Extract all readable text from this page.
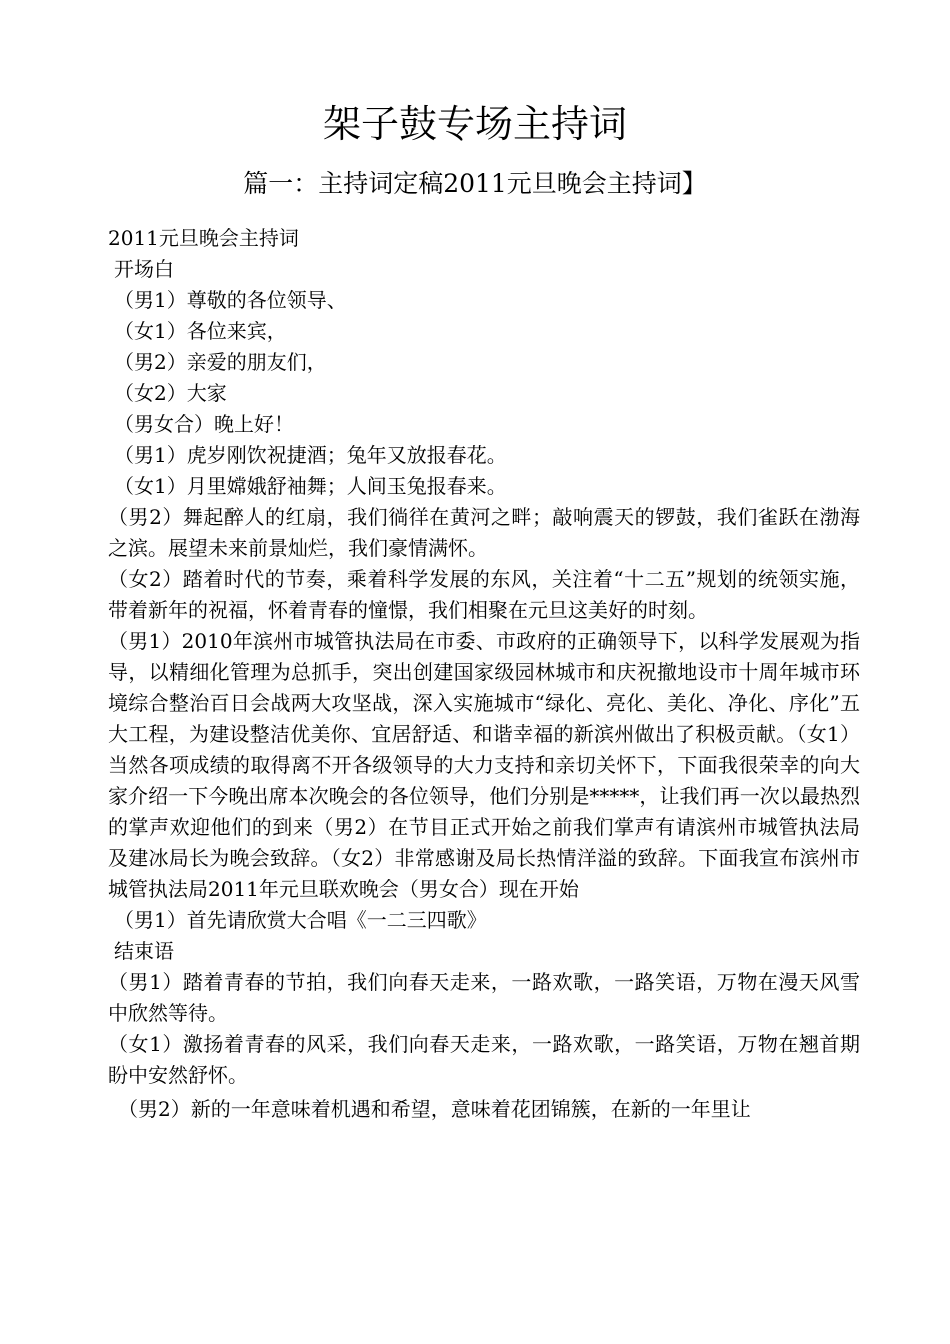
架子鼓专场主持词
篇一：主持词定稿2011元旦晚会主持词】

2011元旦晚会主持词

开场白

（男1）尊敬的各位领导、

（女1）各位来宾，

（男2）亲爱的朋友们，

（女2）大家

（男女合）晚上好！

（男1）虎岁刚饮祝捷酒；兔年又放报春花。

（女1）月里嫦娥舒袖舞；人间玉兔报春来。

（男2）舞起醉人的红扇，我们徜徉在黄河之畔；敲响震天的锣鼓，我们雀跃在渤海之滨。展望未来前景灿烂，我们豪情满怀。

（女2）踏着时代的节奏，乘着科学发展的东风，关注着“十二五”规划的统领实施，带着新年的祝福，怀着青春的憧憬，我们相聚在元旦这美好的时刻。

（男1）2010年滨州市城管执法局在市委、市政府的正确领导下，以科学发展观为指导，以精细化管理为总抓手，突出创建国家级园林城市和庆祝撤地设市十周年城市环境综合整治百日会战两大攻坚战，深入实施城市“绿化、亮化、美化、净化、序化”五大工程，为建设整洁优美你、宜居舒适、和谐幸福的新滨州做出了积极贡献。（女1）当然各项成绩的取得离不开各级领导的大力支持和亲切关怀下，下面我很荣幸的向大家介绍一下今晚出席本次晚会的各位领导，他们分别是*****，让我们再一次以最热烈的掌声欢迎他们的到来（男2）在节目正式开始之前我们掌声有请滨州市城管执法局及建冰局长为晚会致辞。（女2）非常感谢及局长热情洋溢的致辞。下面我宣布滨州市城管执法局2011年元旦联欢晚会（男女合）现在开始

（男1）首先请欣赏大合唱《一二三四歌》

结束语

（男1）踏着青春的节拍，我们向春天走来，一路欢歌，一路笑语，万物在漫天风雪中欣然等待。

（女1）激扬着青春的风采，我们向春天走来，一路欢歌，一路笑语，万物在翘首期盼中安然舒怀。

（男2）新的一年意味着机遇和希望，意味着花团锦簇，在新的一年里让
